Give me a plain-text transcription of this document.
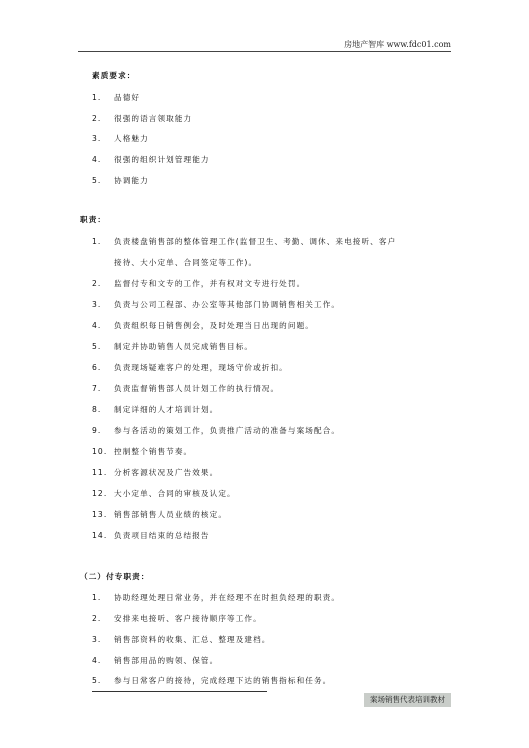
房地产智库 www.fdc01.com
素质要求：
1. 品德好
2. 很强的语言领取能力
3. 人格魅力
4. 很强的组织计划管理能力
5. 协调能力
职责：
1. 负责楼盘销售部的整体管理工作(监督卫生、考勤、调休、来电接听、客户
接待、大小定单、合同签定等工作)。
2. 监督付专和文专的工作，并有权对文专进行处罚。
3. 负责与公司工程部、办公室等其他部门协调销售相关工作。
4. 负责组织每日销售例会，及时处理当日出现的问题。
5. 制定并协助销售人员完成销售目标。
6. 负责现场疑难客户的处理，现场守价或折扣。
7. 负责监督销售部人员计划工作的执行情况。
8. 制定详细的人才培训计划。
9. 参与各活动的策划工作，负责推广活动的准备与案场配合。
10. 控制整个销售节奏。
11. 分析客源状况及广告效果。
12. 大小定单、合同的审核及认定。
13. 销售部销售人员业绩的核定。
14. 负责项目结束的总结报告
（二）付专职责：
1. 协助经理处理日常业务，并在经理不在时担负经理的职责。
2. 安排来电接听、客户接待顺序等工作。
3. 销售部资料的收集、汇总、整理及建档。
4. 销售部用品的购领、保管。
5. 参与日常客户的接待，完成经理下达的销售指标和任务。
案场销售代表培训教材
